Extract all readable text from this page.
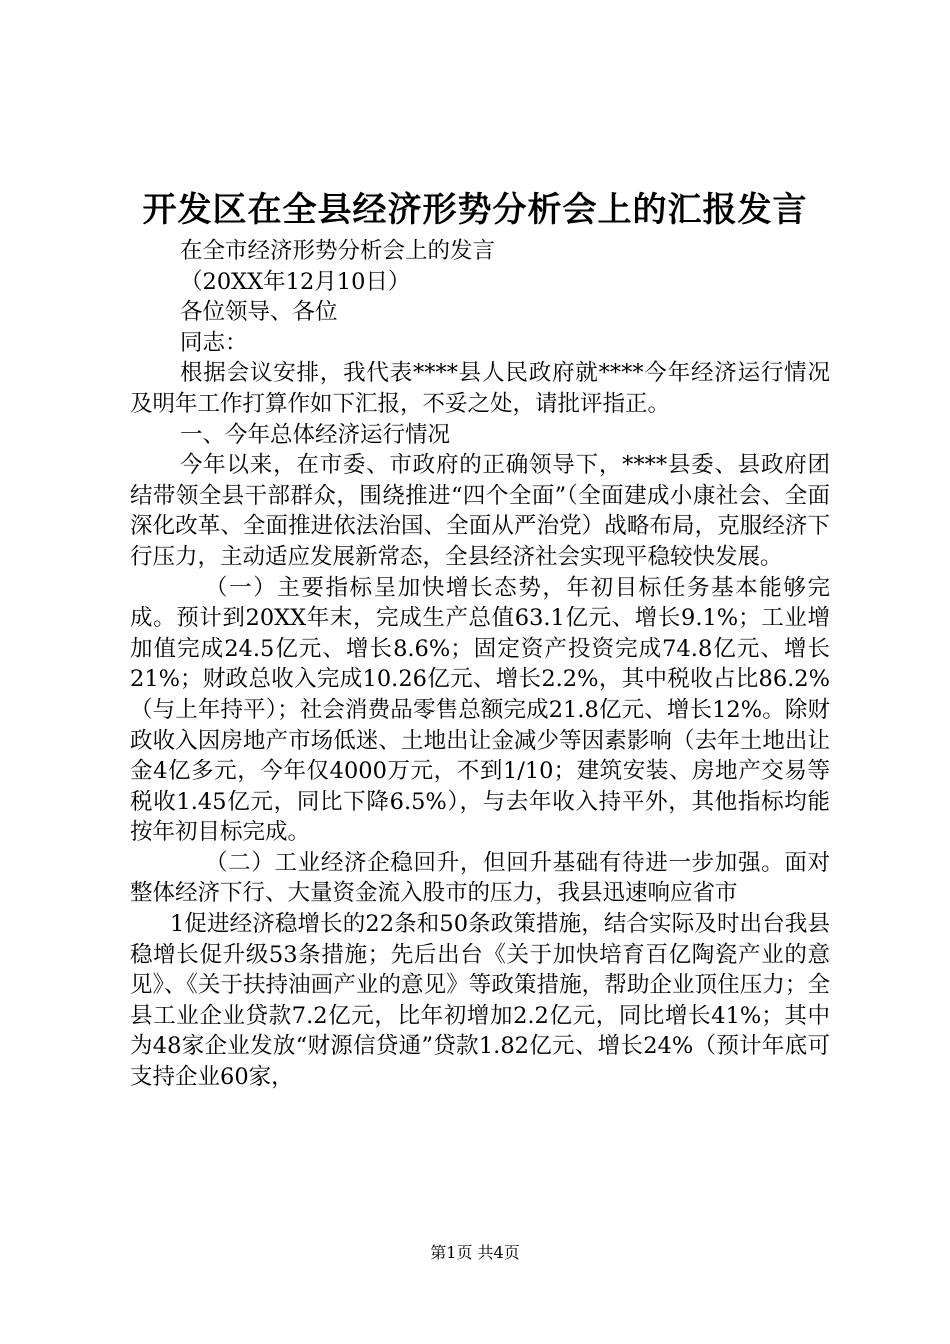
开发区在全县经济形势分析会上的汇报发言

在全市经济形势分析会上的发言

（20XX年12月10日）

各位领导、各位

同志：

根据会议安排，我代表****县人民政府就****今年经济运行情况及明年工作打算作如下汇报，不妥之处，请批评指正。

一、今年总体经济运行情况

今年以来，在市委、市政府的正确领导下，****县委、县政府团结带领全县干部群众，围绕推进“四个全面”（全面建成小康社会、全面深化改革、全面推进依法治国、全面从严治党）战略布局，克服经济下行压力，主动适应发展新常态，全县经济社会实现平稳较快发展。

（一）主要指标呈加快增长态势，年初目标任务基本能够完成。预计到20XX年末，完成生产总值63.1亿元、增长9.1%；工业增加值完成24.5亿元、增长8.6%；固定资产投资完成74.8亿元、增长21%；财政总收入完成10.26亿元、增长2.2%，其中税收占比86.2%（与上年持平）；社会消费品零售总额完成21.8亿元、增长12%。除财政收入因房地产市场低迷、土地出让金减少等因素影响（去年土地出让金4亿多元，今年仅4000万元，不到1/10；建筑安装、房地产交易等税收1.45亿元，同比下降6.5%），与去年收入持平外，其他指标均能按年初目标完成。

（二）工业经济企稳回升，但回升基础有待进一步加强。面对整体经济下行、大量资金流入股市的压力，我县迅速响应省市

1促进经济稳增长的22条和50条政策措施，结合实际及时出台我县稳增长促升级53条措施；先后出台《关于加快培育百亿陶瓷产业的意见》、《关于扶持油画产业的意见》等政策措施，帮助企业顶住压力；全县工业企业贷款7.2亿元，比年初增加2.2亿元，同比增长41%；其中为48家企业发放“财源信贷通”贷款1.82亿元、增长24%（预计年底可支持企业60家，

第1页 共4页
